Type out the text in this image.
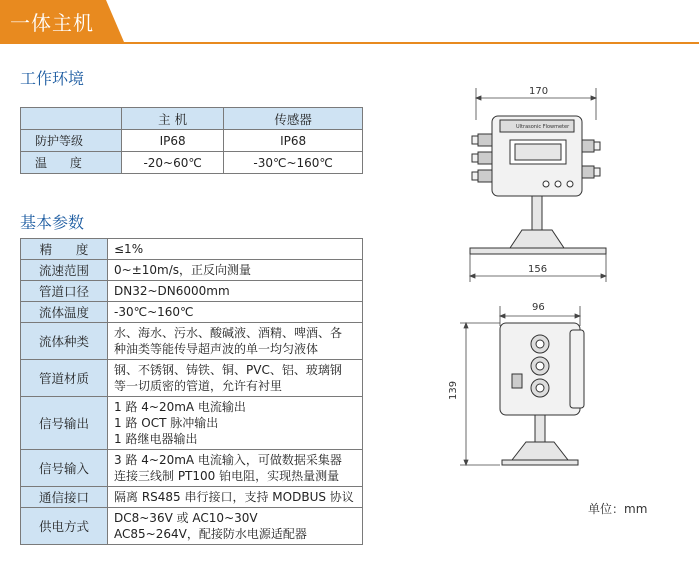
一体主机
工作环境
	主 机	传感器
防护等级	IP68	IP68
温      度	-20~60℃	-30℃~160℃
基本参数
精      度	≤1%

流速范围	0~±10m/s，正反向测量

管道口径	DN32~DN6000mm

流体温度	-30℃~160℃

流体种类	水、海水、污水、酸碱液、酒精、啤酒、各
种油类等能传导超声波的单一均匀液体

管道材质	钢、不锈钢、铸铁、铜、PVC、铝、玻璃钢
等一切质密的管道，允许有衬里

信号输出	1 路 4~20mA 电流输出
1 路 OCT 脉冲输出
1 路继电器输出

信号输入	3 路 4~20mA 电流输入，可做数据采集器
连接三线制 PT100 铂电阻，实现热量测量

通信接口	隔离 RS485 串行接口，支持 MODBUS 协议

供电方式	DC8~36V 或 AC10~30V
AC85~264V，配接防水电源适配器
170
Ultrasonic Flowmeter
156
96
139
单位：mm
